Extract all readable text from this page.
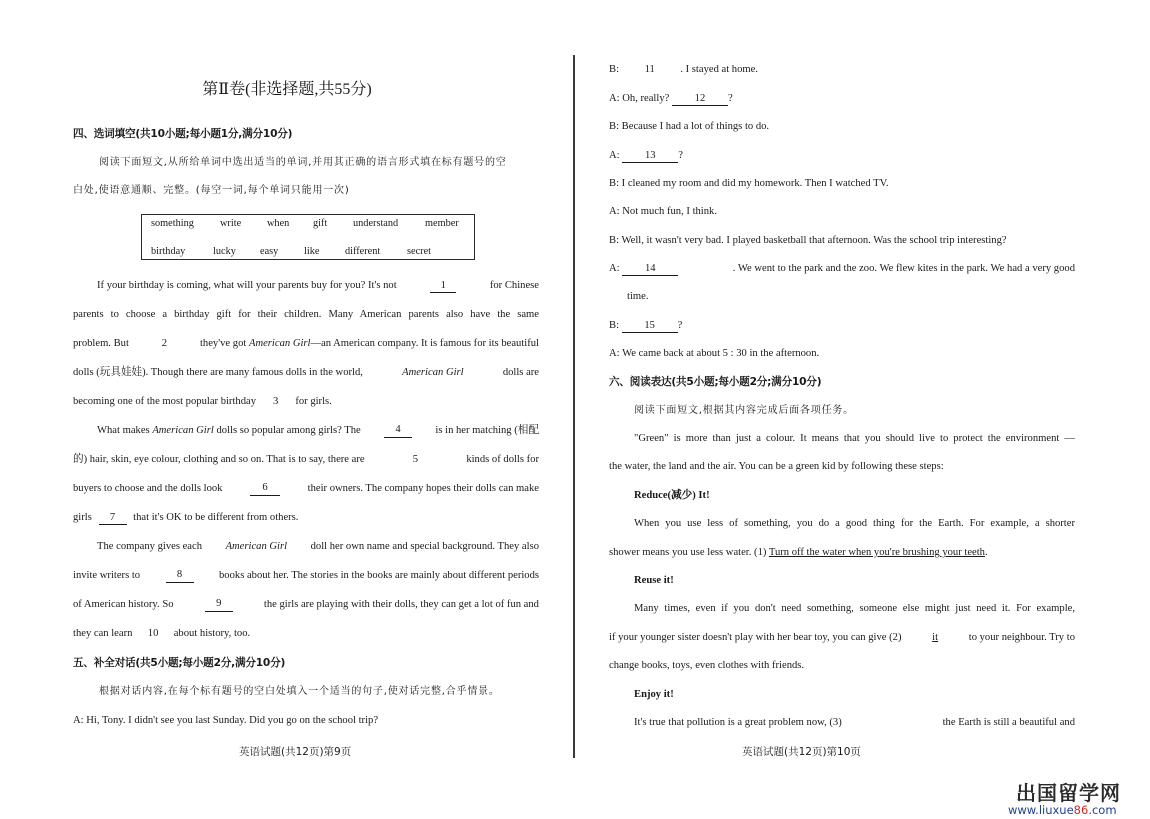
第Ⅱ卷(非选择题,共55分)
四、选词填空(共10小题;每小题1分,满分10分)
阅读下面短文,从所给单词中选出适当的单词,并用其正确的语言形式填在标有题号的空
白处,使语意通顺、完整。(每空一词,每个单词只能用一次)
something	write	when gift understand	member
birthday	lucky easy like different	secret
If your birthday is coming, what will your parents buy for you? It's not	1	for Chinese
parents to choose a birthday gift for their children. Many American parents also have the same
problem. But	2	they've got American Girl—an American company. It is famous for its beautiful
dolls (玩具娃娃). Though there are many famous dolls in the world,	American Girl	dolls are
becoming one of the most popular birthday 3 for girls.
What makes American Girl dolls so popular among girls? The	4	is in her matching (相配
的) hair, skin, eye colour, clothing and so on. That is to say, there are	5	kinds of dolls for
buyers to choose and the dolls look	6	their owners. The company hopes their dolls can make
girls 7 that it's OK to be different from others.
The company gives each American Girl doll her own name and special background. They also
invite writers to	8	books about her. The stories in the books are mainly about different periods
of American history. So	9	the girls are playing with their dolls, they can get a lot of fun and
they can learn 10 about history, too.
五、补全对话(共5小题;每小题2分,满分10分)
根据对话内容,在每个标有题号的空白处填入一个适当的句子,使对话完整,合乎情景。
A: Hi, Tony. I didn't see you last Sunday. Did you go on the school trip?
英语试题(共12页)第9页
B: 11 . I stayed at home.
A: Oh, really? 12 ?
B: Because I had a lot of things to do.
A: 13 ?
B: I cleaned my room and did my homework. Then I watched TV.
A: Not much fun, I think.
B: Well, it wasn't very bad. I played basketball that afternoon. Was the school trip interesting?
A: 14	. We went to the park and the zoo. We flew kites in the park. We had a very good
time.
B: 15 ?
A: We came back at about 5 : 30 in the afternoon.
六、阅读表达(共5小题;每小题2分;满分10分)
阅读下面短文,根据其内容完成后面各项任务。
"Green" is more than just a colour. It means that you should live to protect the environment —
the water, the land and the air. You can be a green kid by following these steps:
Reduce(减少) It!
When you use less of something, you do a good thing for the Earth. For example, a shorter
shower means you use less water. (1) Turn off the water when you're brushing your teeth.
Reuse it!
Many times, even if you don't need something, someone else might just need it. For example,
if your younger sister doesn't play with her bear toy, you can give (2)	it	to your neighbour. Try to
change books, toys, even clothes with friends.
Enjoy it!
It's true that pollution is a great problem now, (3)	the Earth is still a beautiful and
英语试题(共12页)第10页
出国留学网
www.liuxue86.com
